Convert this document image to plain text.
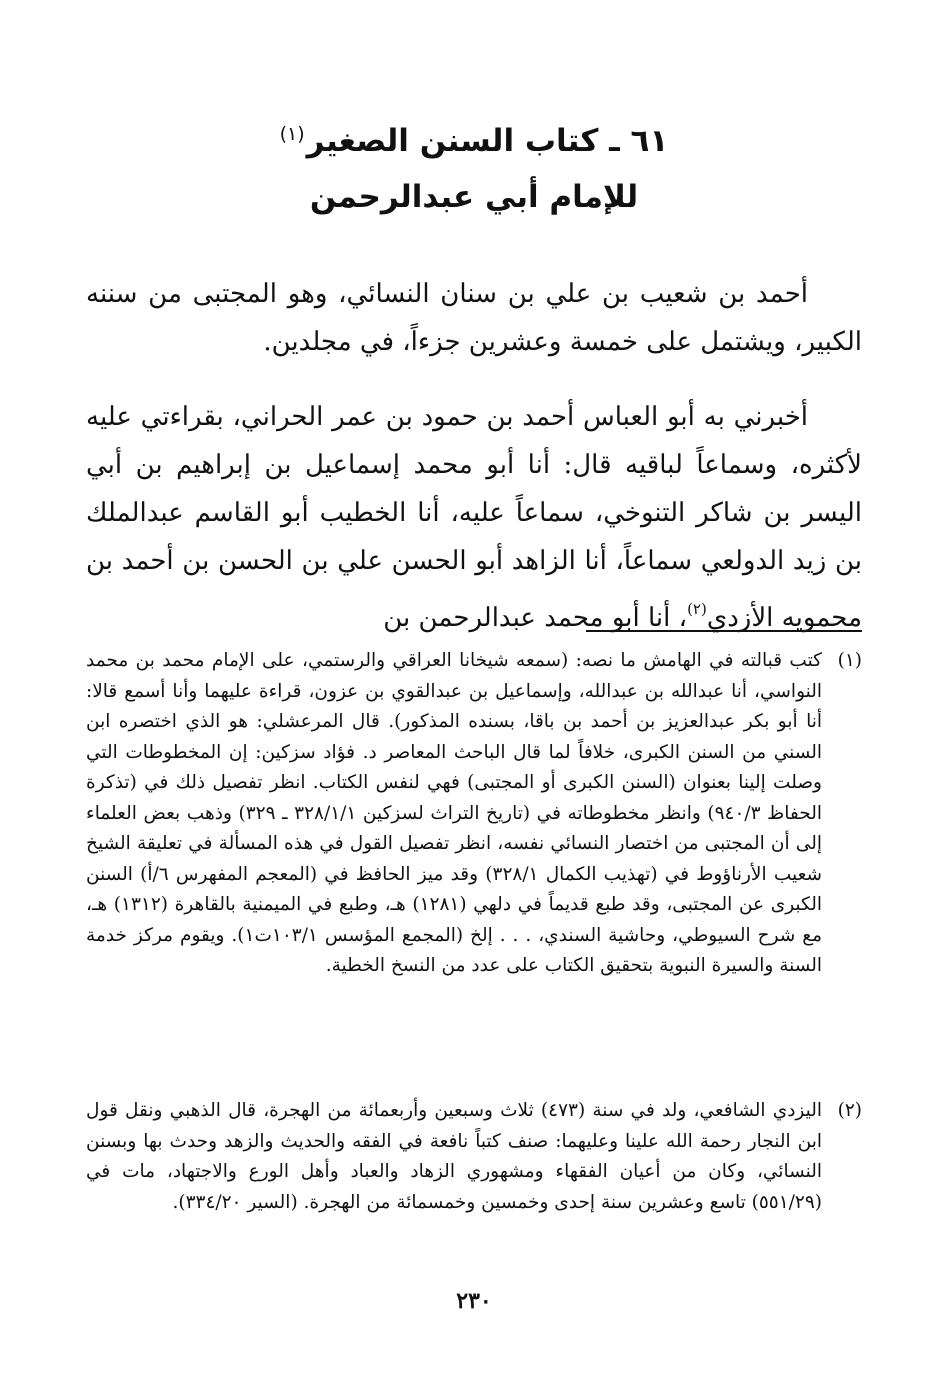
٦١ ـ كتاب السنن الصغير$^{(١)}$
للإمام أبي عبدالرحمن

أحمد بن شعيب بن علي بن سنان النسائي، وهو المجتبى من سننه الكبير، ويشتمل على خمسة وعشرين جزءاً، في مجلدين.

أخبرني به أبو العباس أحمد بن حمود بن عمر الحراني، بقراءتي عليه لأكثره، وسماعاً لباقيه قال: أنا أبو محمد إسماعيل بن إبراهيم بن أبي اليسر بن شاكر التنوخي، سماعاً عليه، أنا الخطيب أبو القاسم عبدالملك بن زيد الدولعي سماعاً، أنا الزاهد أبو الحسن علي بن الحسن بن أحمد بن محمويه الأزدي$^{(٢)}$، أنا أبو محمد عبدالرحمن بن

(١)
كتب قبالته في الهامش ما نصه: (سمعه شيخانا العراقي والرستمي، على الإمام محمد بن محمد النواسي، أنا عبدالله بن عبدالله، وإسماعيل بن عبدالقوي بن عزون، قراءة عليهما وأنا أسمع قالا: أنا أبو بكر عبدالعزيز بن أحمد بن باقا، بسنده المذكور). قال المرعشلي: هو الذي اختصره ابن السني من السنن الكبرى، خلافاً لما قال الباحث المعاصر د. فؤاد سزكين: إن المخطوطات التي وصلت إلينا بعنوان (السنن الكبرى أو المجتبى) فهي لنفس الكتاب. انظر تفصيل ذلك في (تذكرة الحفاظ ٩٤٠/٣) وانظر مخطوطاته في (تاريخ التراث لسزكين ٣٢٨/١/١ ـ ٣٢٩) وذهب بعض العلماء إلى أن المجتبى من اختصار النسائي نفسه، انظر تفصيل القول في هذه المسألة في تعليقة الشيخ شعيب الأرناؤوط في (تهذيب الكمال ٣٢٨/١) وقد ميز الحافظ في (المعجم المفهرس ٦/أ) السنن الكبرى عن المجتبى، وقد طبع قديماً في دلهي (١٢٨١) هـ، وطبع في الميمنية بالقاهرة (١٣١٢) هـ، مع شرح السيوطي، وحاشية السندي، . . . إلخ (المجمع المؤسس ١٠٣/١ت١). ويقوم مركز خدمة السنة والسيرة النبوية بتحقيق الكتاب على عدد من النسخ الخطية.
(٢)
اليزدي الشافعي، ولد في سنة (٤٧٣) ثلاث وسبعين وأربعمائة من الهجرة، قال الذهبي ونقل قول ابن النجار رحمة الله علينا وعليهما: صنف كتباً نافعة في الفقه والحديث والزهد وحدث بها وبسنن النسائي، وكان من أعيان الفقهاء ومشهوري الزهاد والعباد وأهل الورع والاجتهاد، مات في (٥٥١/٢٩) تاسع وعشرين سنة إحدى وخمسين وخمسمائة من الهجرة. (السير ٣٣٤/٢٠).
٢٣٠
